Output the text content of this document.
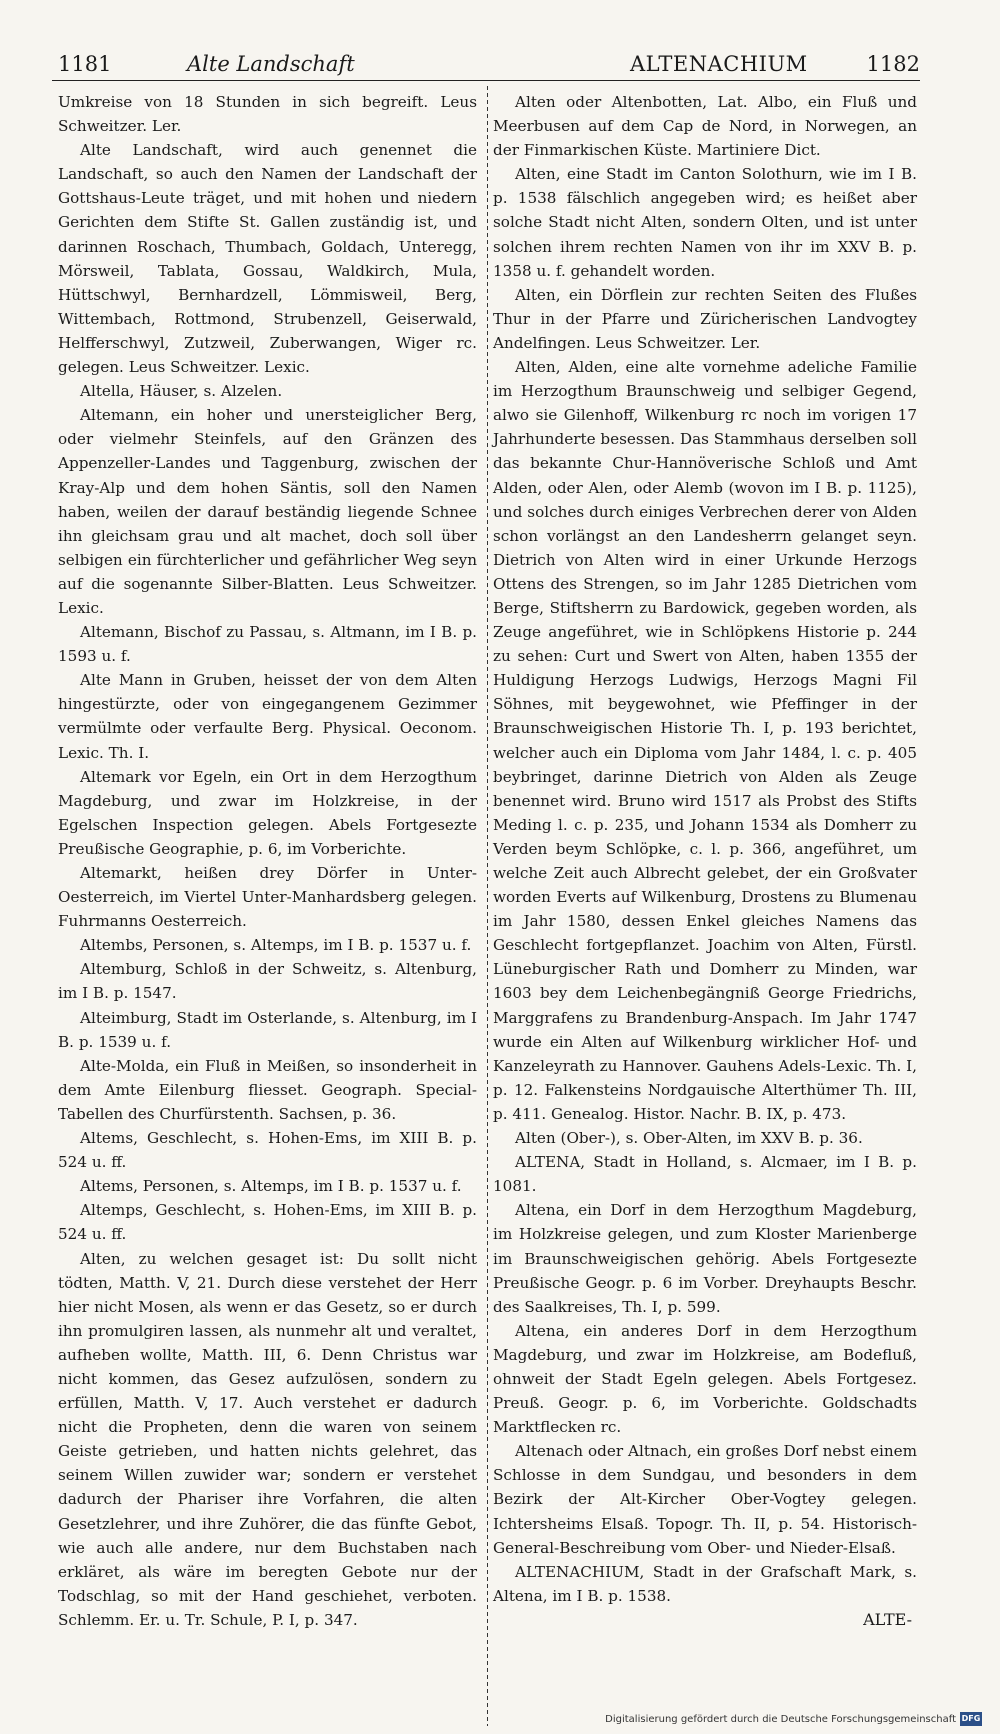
1181	Alte Landschaft	ALTENACHIUM	1182

Umkreise von 18 Stunden in sich begreift. Leus Schweitzer. Ler.

Alte Landschaft, wird auch genennet die Landschaft, so auch den Namen der Landschaft der Gottshaus-Leute träget, und mit hohen und niedern Gerichten dem Stifte St. Gallen zuständig ist, und darinnen Roschach, Thumbach, Goldach, Unteregg, Mörsweil, Tablata, Gossau, Waldkirch, Mula, Hüttschwyl, Bernhardzell, Lömmisweil, Berg, Wittembach, Rottmond, Strubenzell, Geiserwald, Helfferschwyl, Zutzweil, Zuberwangen, Wiger rc. gelegen. Leus Schweitzer. Lexic.

Altella, Häuser, s. Alzelen.

Altemann, ein hoher und unersteiglicher Berg, oder vielmehr Steinfels, auf den Gränzen des Appenzeller-Landes und Taggenburg, zwischen der Kray-Alp und dem hohen Säntis, soll den Namen haben, weilen der darauf beständig liegende Schnee ihn gleichsam grau und alt machet, doch soll über selbigen ein fürchterlicher und gefährlicher Weg seyn auf die sogenannte Silber-Blatten. Leus Schweitzer. Lexic.

Altemann, Bischof zu Passau, s. Altmann, im I B. p. 1593 u. f.

Alte Mann in Gruben, heisset der von dem Alten hingestürzte, oder von eingegangenem Gezimmer vermülmte oder verfaulte Berg. Physical. Oeconom. Lexic. Th. I.

Altemark vor Egeln, ein Ort in dem Herzogthum Magdeburg, und zwar im Holzkreise, in der Egelschen Inspection gelegen. Abels Fortgesezte Preußische Geographie, p. 6, im Vorberichte.

Altemarkt, heißen drey Dörfer in Unter-Oesterreich, im Viertel Unter-Manhardsberg gelegen. Fuhrmanns Oesterreich.

Altembs, Personen, s. Altemps, im I B. p. 1537 u. f.

Altemburg, Schloß in der Schweitz, s. Altenburg, im I B. p. 1547.

Alteimburg, Stadt im Osterlande, s. Altenburg, im I B. p. 1539 u. f.

Alte-Molda, ein Fluß in Meißen, so insonderheit in dem Amte Eilenburg fliesset. Geograph. Special-Tabellen des Churfürstenth. Sachsen, p. 36.

Altems, Geschlecht, s. Hohen-Ems, im XIII B. p. 524 u. ff.

Altems, Personen, s. Altemps, im I B. p. 1537 u. f.

Altemps, Geschlecht, s. Hohen-Ems, im XIII B. p. 524 u. ff.

Alten, zu welchen gesaget ist: Du sollt nicht tödten, Matth. V, 21. Durch diese verstehet der Herr hier nicht Mosen, als wenn er das Gesetz, so er durch ihn promulgiren lassen, als nunmehr alt und veraltet, aufheben wollte, Matth. III, 6. Denn Christus war nicht kommen, das Gesez aufzulösen, sondern zu erfüllen, Matth. V, 17. Auch verstehet er dadurch nicht die Propheten, denn die waren von seinem Geiste getrieben, und hatten nichts gelehret, das seinem Willen zuwider war; sondern er verstehet dadurch der Phariser ihre Vorfahren, die alten Gesetzlehrer, und ihre Zuhörer, die das fünfte Gebot, wie auch alle andere, nur dem Buchstaben nach erkläret, als wäre im beregten Gebote nur der Todschlag, so mit der Hand geschiehet, verboten. Schlemm. Er. u. Tr. Schule, P. I, p. 347.

Alten oder Altenbotten, Lat. Albo, ein Fluß und Meerbusen auf dem Cap de Nord, in Norwegen, an der Finmarkischen Küste. Martiniere Dict.

Alten, eine Stadt im Canton Solothurn, wie im I B. p. 1538 fälschlich angegeben wird; es heißet aber solche Stadt nicht Alten, sondern Olten, und ist unter solchen ihrem rechten Namen von ihr im XXV B. p. 1358 u. f. gehandelt worden.

Alten, ein Dörflein zur rechten Seiten des Flußes Thur in der Pfarre und Züricherischen Landvogtey Andelfingen. Leus Schweitzer. Ler.

Alten, Alden, eine alte vornehme adeliche Familie im Herzogthum Braunschweig und selbiger Gegend, alwo sie Gilenhoff, Wilkenburg rc noch im vorigen 17 Jahrhunderte besessen. Das Stammhaus derselben soll das bekannte Chur-Hannöverische Schloß und Amt Alden, oder Alen, oder Alemb (wovon im I B. p. 1125), und solches durch einiges Verbrechen derer von Alden schon vorlängst an den Landesherrn gelanget seyn. Dietrich von Alten wird in einer Urkunde Herzogs Ottens des Strengen, so im Jahr 1285 Dietrichen vom Berge, Stiftsherrn zu Bardowick, gegeben worden, als Zeuge angeführet, wie in Schlöpkens Historie p. 244 zu sehen: Curt und Swert von Alten, haben 1355 der Huldigung Herzogs Ludwigs, Herzogs Magni Fil Söhnes, mit beygewohnet, wie Pfeffinger in der Braunschweigischen Historie Th. I, p. 193 berichtet, welcher auch ein Diploma vom Jahr 1484, l. c. p. 405 beybringet, darinne Dietrich von Alden als Zeuge benennet wird. Bruno wird 1517 als Probst des Stifts Meding l. c. p. 235, und Johann 1534 als Domherr zu Verden beym Schlöpke, c. l. p. 366, angeführet, um welche Zeit auch Albrecht gelebet, der ein Großvater worden Everts auf Wilkenburg, Drostens zu Blumenau im Jahr 1580, dessen Enkel gleiches Namens das Geschlecht fortgepflanzet. Joachim von Alten, Fürstl. Lüneburgischer Rath und Domherr zu Minden, war 1603 bey dem Leichenbegängniß George Friedrichs, Marggrafens zu Brandenburg-Anspach. Im Jahr 1747 wurde ein Alten auf Wilkenburg wirklicher Hof- und Kanzeleyrath zu Hannover. Gauhens Adels-Lexic. Th. I, p. 12. Falkensteins Nordgauische Alterthümer Th. III, p. 411. Genealog. Histor. Nachr. B. IX, p. 473.

Alten (Ober-), s. Ober-Alten, im XXV B. p. 36.

ALTENA, Stadt in Holland, s. Alcmaer, im I B. p. 1081.

Altena, ein Dorf in dem Herzogthum Magdeburg, im Holzkreise gelegen, und zum Kloster Marienberge im Braunschweigischen gehörig. Abels Fortgesezte Preußische Geogr. p. 6 im Vorber. Dreyhaupts Beschr. des Saalkreises, Th. I, p. 599.

Altena, ein anderes Dorf in dem Herzogthum Magdeburg, und zwar im Holzkreise, am Bodefluß, ohnweit der Stadt Egeln gelegen. Abels Fortgesez. Preuß. Geogr. p. 6, im Vorberichte. Goldschadts Marktflecken rc.

Altenach oder Altnach, ein großes Dorf nebst einem Schlosse in dem Sundgau, und besonders in dem Bezirk der Alt-Kircher Ober-Vogtey gelegen. Ichtersheims Elsaß. Topogr. Th. II, p. 54. Historisch-General-Beschreibung vom Ober- und Nieder-Elsaß.

ALTENACHIUM, Stadt in der Grafschaft Mark, s. Altena, im I B. p. 1538.

ALTE-
Digitalisierung gefördert durch die Deutsche Forschungsgemeinschaft DFG
